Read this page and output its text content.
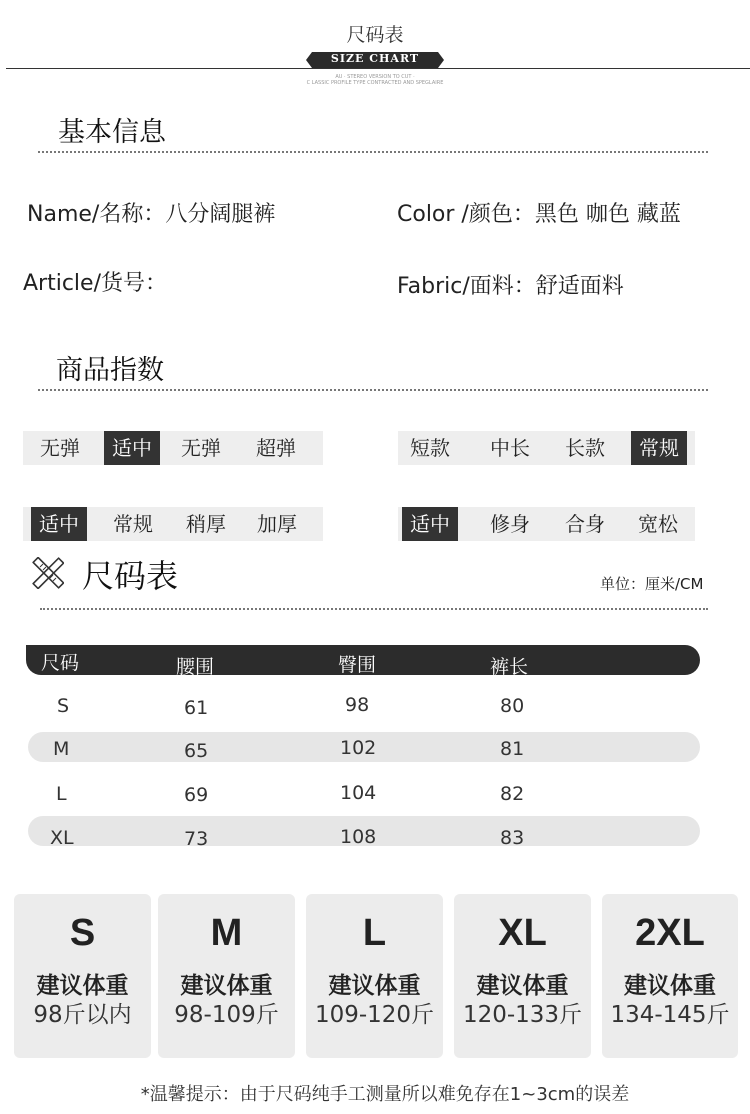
尺码表
SIZE CHART
AU · STEREO VERSION TO CUT ·
C LASSIC PROFILE TYPE CONTRACTED AND SPEGLAIRE
基本信息
Name/名称：八分阔腿裤	Color /颜色：黑色 咖色 藏蓝
Article/货号：	Fabric/面料：舒适面料
商品指数
无弹	适中	无弹	超弹	短款	中长	长款	常规
适中	常规	稍厚	加厚	适中	修身	合身	宽松
尺码表	单位：厘米/CM
尺码	腰围	臀围	裤长
S	61	98	80
M	65	102	81
L	69	104	82
XL	73	108	83
S
建议体重
98斤以内
M
建议体重
98-109斤
L
建议体重
109-120斤
XL
建议体重
120-133斤
2XL
建议体重
134-145斤
*温馨提示：由于尺码纯手工测量所以难免存在1~3cm的误差
